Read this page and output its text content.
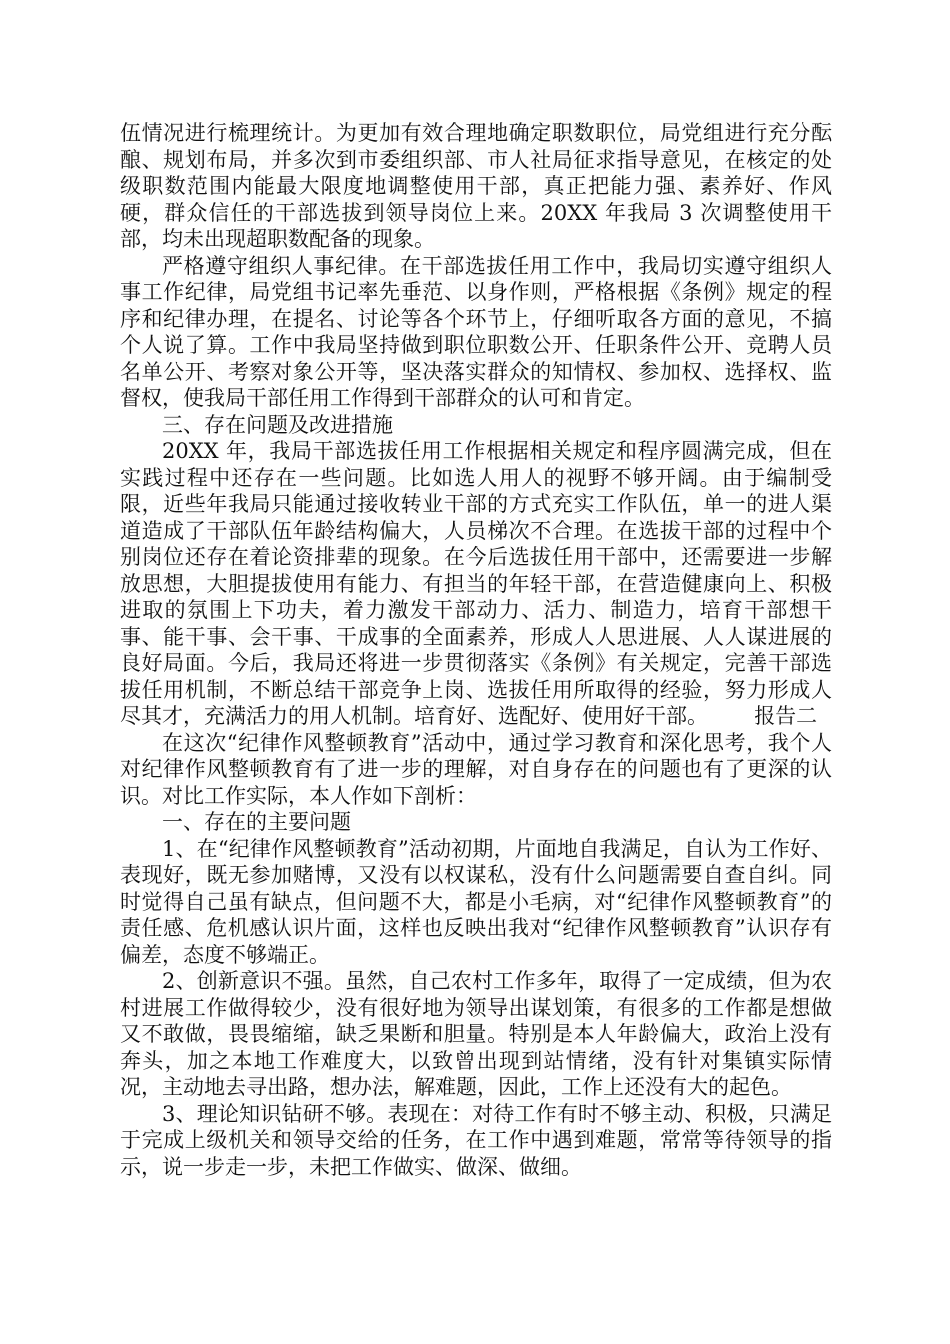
伍情况进行梳理统计。为更加有效合理地确定职数职位，局党组进行充分酝酿、规划布局，并多次到市委组织部、市人社局征求指导意见，在核定的处级职数范围内能最大限度地调整使用干部，真正把能力强、素养好、作风硬，群众信任的干部选拔到领导岗位上来。20XX 年我局 3 次调整使用干部，均未出现超职数配备的现象。

严格遵守组织人事纪律。在干部选拔任用工作中，我局切实遵守组织人事工作纪律，局党组书记率先垂范、以身作则，严格根据《条例》规定的程序和纪律办理，在提名、讨论等各个环节上，仔细听取各方面的意见，不搞个人说了算。工作中我局坚持做到职位职数公开、任职条件公开、竞聘人员名单公开、考察对象公开等，坚决落实群众的知情权、参加权、选择权、监督权，使我局干部任用工作得到干部群众的认可和肯定。

三、存在问题及改进措施

20XX 年，我局干部选拔任用工作根据相关规定和程序圆满完成，但在实践过程中还存在一些问题。比如选人用人的视野不够开阔。由于编制受限，近些年我局只能通过接收转业干部的方式充实工作队伍，单一的进人渠道造成了干部队伍年龄结构偏大，人员梯次不合理。在选拔干部的过程中个别岗位还存在着论资排辈的现象。在今后选拔任用干部中，还需要进一步解放思想，大胆提拔使用有能力、有担当的年轻干部，在营造健康向上、积极进取的氛围上下功夫，着力激发干部动力、活力、制造力，培育干部想干事、能干事、会干事、干成事的全面素养，形成人人思进展、人人谋进展的良好局面。今后，我局还将进一步贯彻落实《条例》有关规定，完善干部选拔任用机制，不断总结干部竞争上岗、选拔任用所取得的经验，努力形成人尽其才，充满活力的用人机制。培育好、选配好、使用好干部。 报告二

在这次“纪律作风整顿教育”活动中，通过学习教育和深化思考，我个人对纪律作风整顿教育有了进一步的理解，对自身存在的问题也有了更深的认识。对比工作实际，本人作如下剖析：

一、存在的主要问题

1、在“纪律作风整顿教育”活动初期，片面地自我满足，自认为工作好、表现好，既无参加赌博，又没有以权谋私，没有什么问题需要自查自纠。同时觉得自己虽有缺点，但问题不大，都是小毛病，对“纪律作风整顿教育”的责任感、危机感认识片面，这样也反映出我对“纪律作风整顿教育”认识存有偏差，态度不够端正。

2、创新意识不强。虽然，自己农村工作多年，取得了一定成绩，但为农村进展工作做得较少，没有很好地为领导出谋划策，有很多的工作都是想做又不敢做，畏畏缩缩，缺乏果断和胆量。特别是本人年龄偏大，政治上没有奔头，加之本地工作难度大，以致曾出现到站情绪，没有针对集镇实际情况，主动地去寻出路，想办法，解难题，因此，工作上还没有大的起色。

3、理论知识钻研不够。表现在：对待工作有时不够主动、积极，只满足于完成上级机关和领导交给的任务，在工作中遇到难题，常常等待领导的指示，说一步走一步，未把工作做实、做深、做细。
